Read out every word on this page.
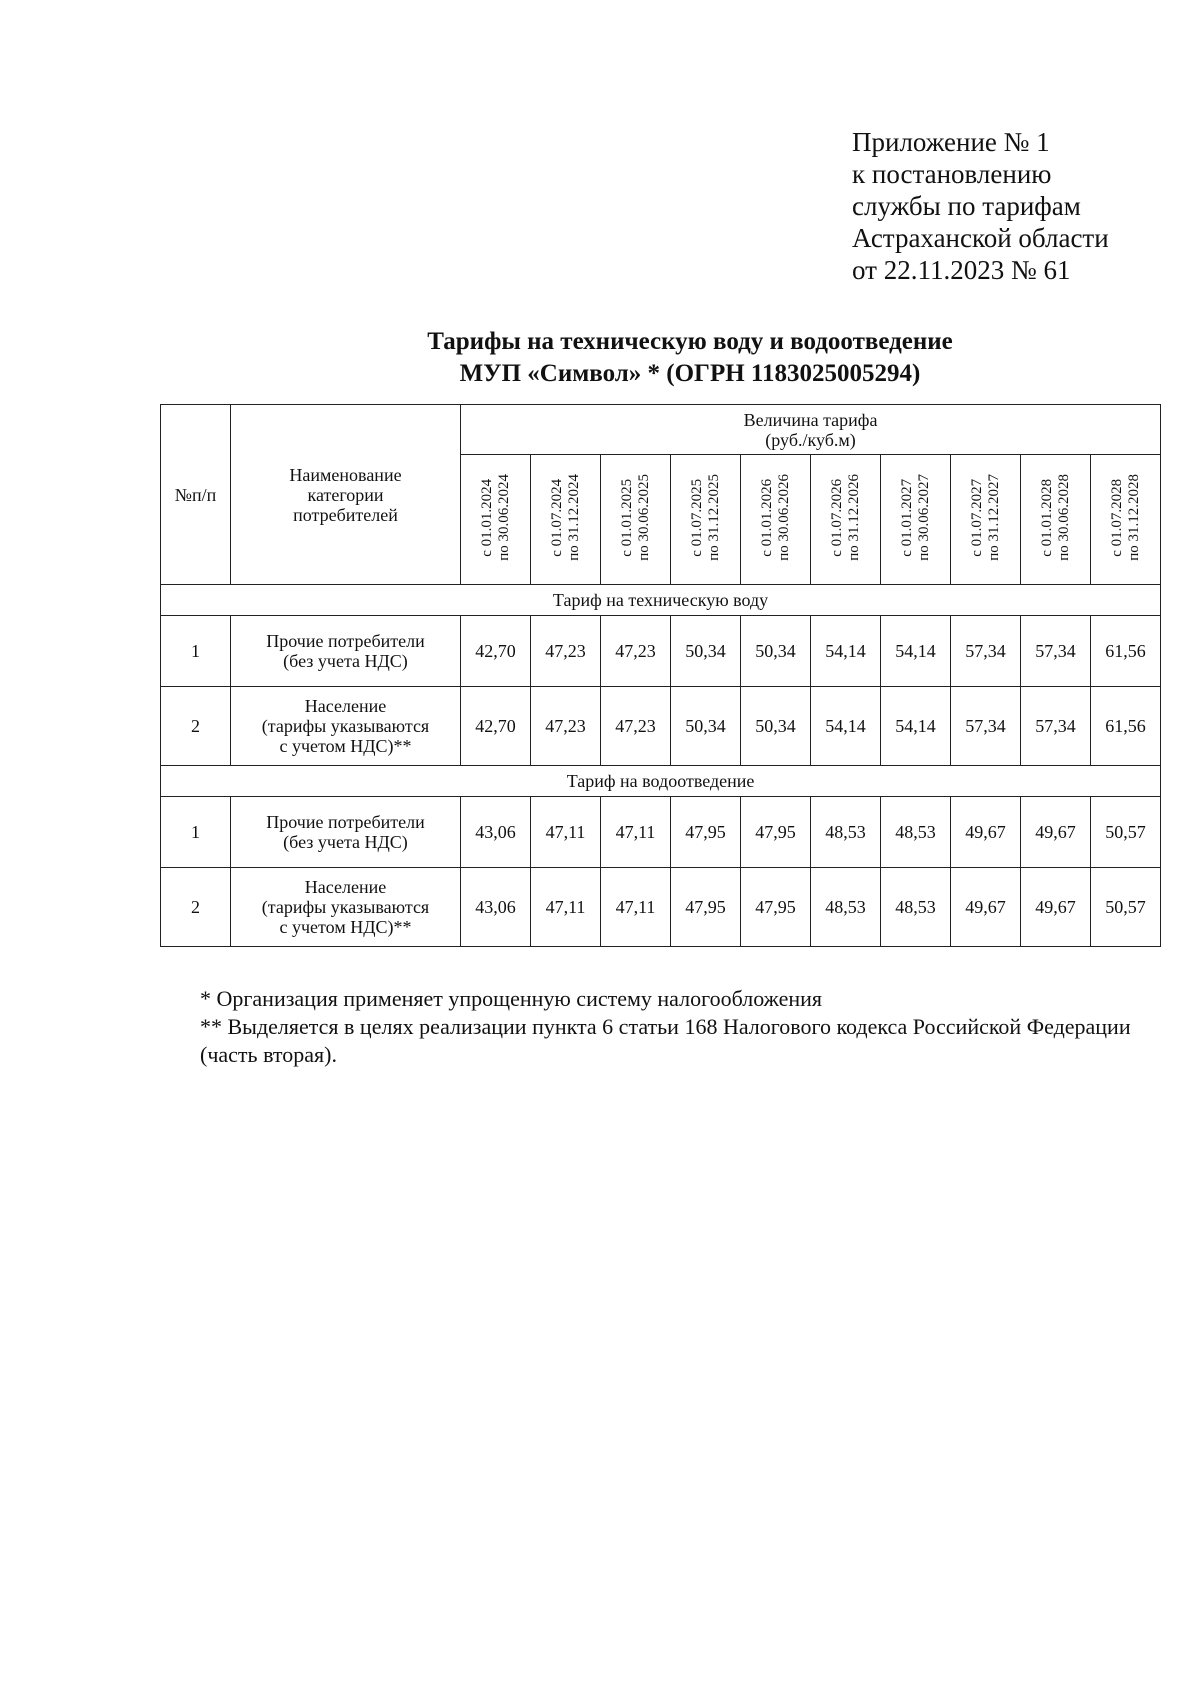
Приложение № 1
к постановлению
службы по тарифам
Астраханской области
от 22.11.2023 № 61
Тарифы на техническую воду и водоотведение
МУП «Символ» * (ОГРН 1183025005294)
№п/п	Наименование
категории
потребителей	Величина тарифа
(руб./куб.м)									

		с 01.01.2024 по 30.06.2024	с 01.07.2024 по 31.12.2024	с 01.01.2025 по 30.06.2025	с 01.07.2025 по 31.12.2025	с 01.01.2026 по 30.06.2026	с 01.07.2026 по 31.12.2026	с 01.01.2027 по 30.06.2027	с 01.07.2027 по 31.12.2027	с 01.01.2028 по 30.06.2028	с 01.07.2028 по 31.12.2028

Тариф на техническую воду											
1	Прочие потребители
(без учета НДС)	42,70	47,23	47,23	50,34	50,34	54,14	54,14	57,34	57,34	61,56
2	Население
(тарифы указываются
с учетом НДС)**	42,70	47,23	47,23	50,34	50,34	54,14	54,14	57,34	57,34	61,56
Тариф на водоотведение											
1	Прочие потребители
(без учета НДС)	43,06	47,11	47,11	47,95	47,95	48,53	48,53	49,67	49,67	50,57
2	Население
(тарифы указываются
с учетом НДС)**	43,06	47,11	47,11	47,95	47,95	48,53	48,53	49,67	49,67	50,57
* Организация применяет упрощенную систему налогообложения
** Выделяется в целях реализации пункта 6 статьи 168 Налогового кодекса Российской Федерации (часть вторая).
